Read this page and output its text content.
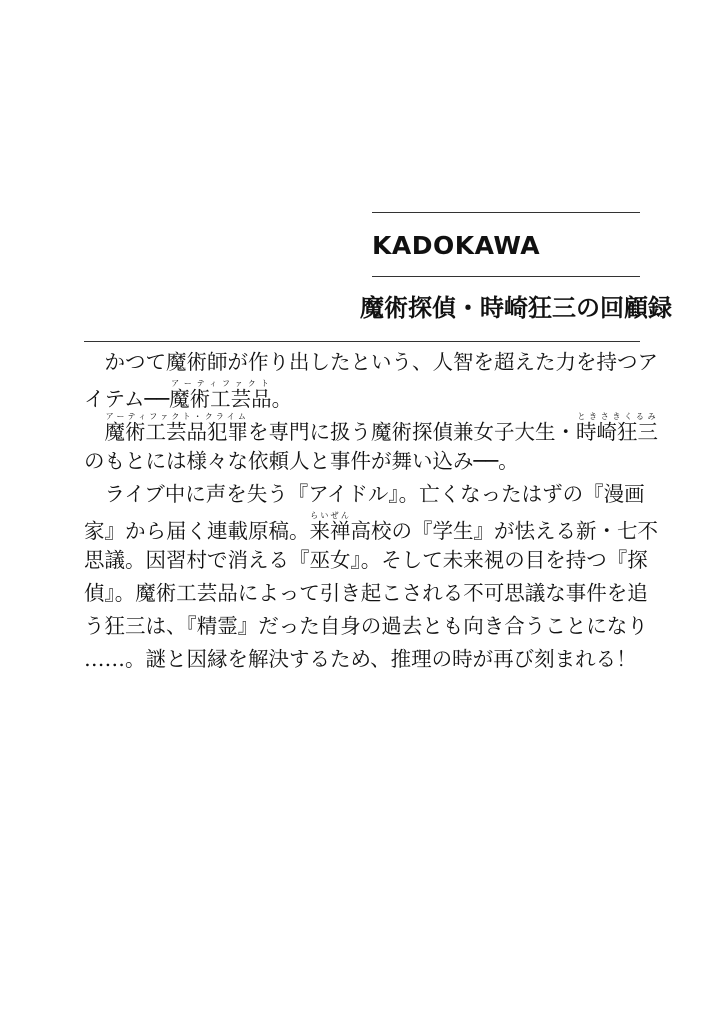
KADOKAWA
魔術探偵・時崎狂三の回顧録
　かつて魔術師が作り出したという、人智を超えた力を持つア
イテム──魔術工芸品アーティファクト。
　魔術工芸品犯罪アーティファクト・クライムを専門に扱う魔術探偵兼女子大生・時崎狂三ときさきくるみ
のもとには様々な依頼人と事件が舞い込み──。
　ライブ中に声を失う『アイドル』。亡くなったはずの『漫画
家』から届く連載原稿。来禅らいぜん高校の『学生』が怯える新・七不
思議。因習村で消える『巫女』。そして未来視の目を持つ『探
偵』。魔術工芸品によって引き起こされる不可思議な事件を追
う狂三は、『精霊』だった自身の過去とも向き合うことになり
……。謎と因縁を解決するため、推理の時が再び刻まれる！
